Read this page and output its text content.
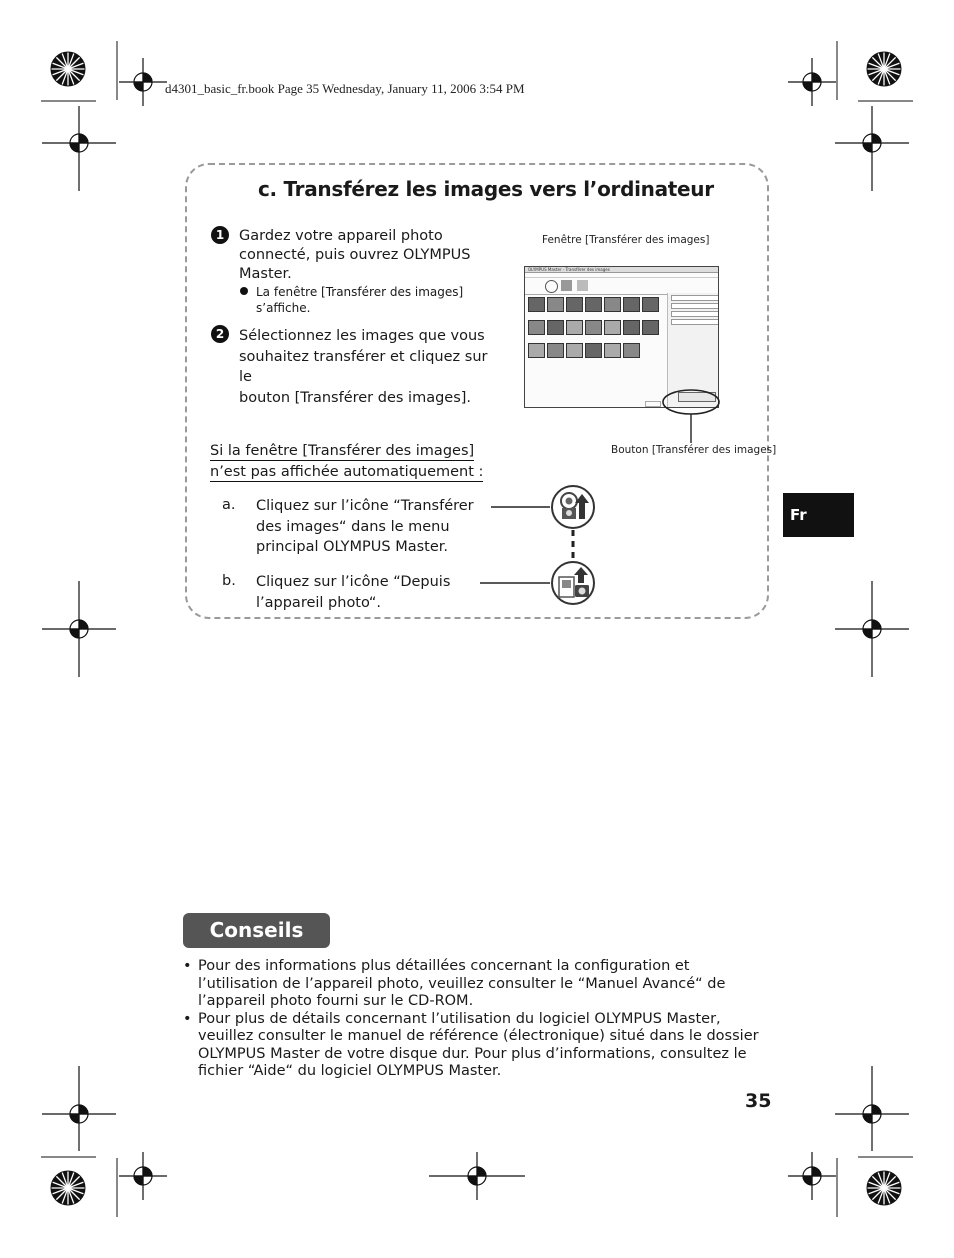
d4301_basic_fr.book Page 35 Wednesday, January 11, 2006 3:54 PM
c. Transférez les images vers l’ordinateur
1	Gardez votre appareil photo
connecté, puis ouvrez OLYMPUS
Master.
La fenêtre [Transférer des images]
s’affiche.
2	Sélectionnez les images que vous
souhaitez transférer et cliquez sur le
bouton [Transférer des images].
Fenêtre [Transférer des images]
OLYMPUS Master - Transférer des images

Bouton [Transférer des images]
Si la fenêtre [Transférer des images]
n’est pas affichée automatiquement :
a. Cliquez sur l’icône “Transférer
des images“ dans le menu
principal OLYMPUS Master.
b. Cliquez sur l’icône “Depuis
l’appareil photo“.
Fr
Conseils
• Pour des informations plus détaillées concernant la configuration et l’utilisation de l’appareil photo, veuillez consulter le “Manuel Avancé“ de l’appareil photo fourni sur le CD-ROM.
• Pour plus de détails concernant l’utilisation du logiciel OLYMPUS Master, veuillez consulter le manuel de référence (électronique) situé dans le dossier OLYMPUS Master de votre disque dur. Pour plus d’informations, consultez le fichier “Aide“ du logiciel OLYMPUS Master.
35
